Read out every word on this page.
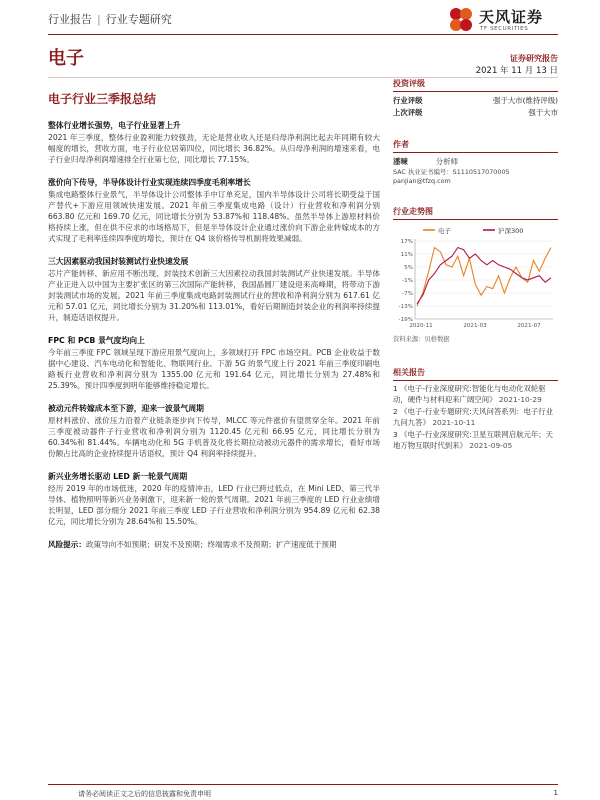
行业报告 | 行业专题研究	天风证券
TF SECURITIES
电子	证券研究报告
2021 年 11 月 13 日
电子行业三季报总结
整体行业增长强势，电子行业显著上升

2021 年三季度，整体行业盈利能力较强劲，无论是营业收入还是归母净利润比起去年同期有较大幅度的增长，营收方面，电子行业位居第四位，同比增长 36.82%。从归母净利润的增速来看，电子行业归母净利润增速排全行业第七位，同比增长 77.15%。

涨价向下传导，半导体设计行业实现连续四季度毛利率增长

集成电路整体行业景气，半导体设计公司整体手中订单充足，国内半导体设计公司将长期受益于国产替代+下游应用领域快速发展。2021 年前三季度集成电路（设计）行业营收和净利润分别 663.80 亿元和 169.70 亿元，同比增长分别为 53.87%和 118.48%。虽然半导体上游原材料价格持续上涨，但在供不应求的市场格局下，但是半导体设计企业通过涨价向下游企业转嫁成本的方式实现了毛利率连续四季度的增长，预计在 Q4 该价格传导机制将效果减弱。

三大因素驱动我国封装测试行业快速发展

芯片产能转移、新应用不断出现、封装技术创新三大因素拉动我国封装测试产业快速发展。半导体产业正进入以中国为主要扩张区的第三次国际产能转移，我国晶圆厂建设迎来高峰期，将带动下游封装测试市场的发展。2021 年前三季度集成电路封装测试行业的营收和净利润分别为 617.61 亿元和 57.01 亿元，同比增长分别为 31.20%和 113.01%，看好后期制造封装企业的利润率持续提升，制造话语权提升。

FPC 和 PCB 景气度均向上

今年前三季度 FPC 领域呈现下游应用景气度向上，多领域打开 FPC 市场空间。PCB 企业收益于数据中心建设、汽车电动化和智能化、物联网行业、下游 5G 的景气度上行 2021 年前三季度印刷电路板行业营收和净利润分别为 1355.00 亿元和 191.64 亿元，同比增长分别为 27.48%和 25.39%。预计四季度到明年能够维持稳定增长。

被动元件转嫁成本至下游，迎来一波景气周期

原材料涨价、涨价压力沿着产业链条逐步向下传导，MLCC 等元件涨价有望贯穿全年。2021 年前三季度被动器件子行业营收和净利润分别为 1120.45 亿元和 66.95 亿元，同比增长分别为 60.34%和 81.44%。车辆电动化和 5G 手机普及化将长期拉动被动元器件的需求增长，看好市场份额占比高的企业持续提升话语权，预计 Q4 利润率持续提升。

新兴业务增长驱动 LED 新一轮景气周期

经历 2019 年的市场低迷，2020 年的疫情冲击，LED 行业已跨过低点，在 Mini LED、第三代半导体、植物照明等新兴业务刺激下，迎来新一轮的景气周期。2021 年前三季度的 LED 行业业绩增长明显，LED 部分细分 2021 年前三季度 LED 子行业营收和净利润分别为 954.89 亿元和 62.38 亿元，同比增长分别为 28.64%和 15.50%。

风险提示：政策导向不如预期；研发不及预期；终端需求不及预期；扩产速度低于预期
投资评级
行业评级	强于大市(维持评级)
上次评级	强于大市
作者
潘暕	分析师
SAC 执业证书编号：S1110517070005
panjian@tfzq.com
行业走势图
电子	沪深300
17%
11%
5%
-1%
-7%
-13%
-19%
2020-11	2021-03	2021-07
资料来源：贝格数据
相关报告
1 《电子-行业深度研究:智能化与电动化双轮驱动，硬件与材料迎来广阔空间》 2021-10-29
2 《电子-行业专题研究:天风问答系列：电子行业九问九答》 2021-10-11
3 《电子-行业深度研究:卫星互联网启航元年；天地万物互联时代到来》 2021-09-05
请务必阅读正文之后的信息披露和免责申明	1
